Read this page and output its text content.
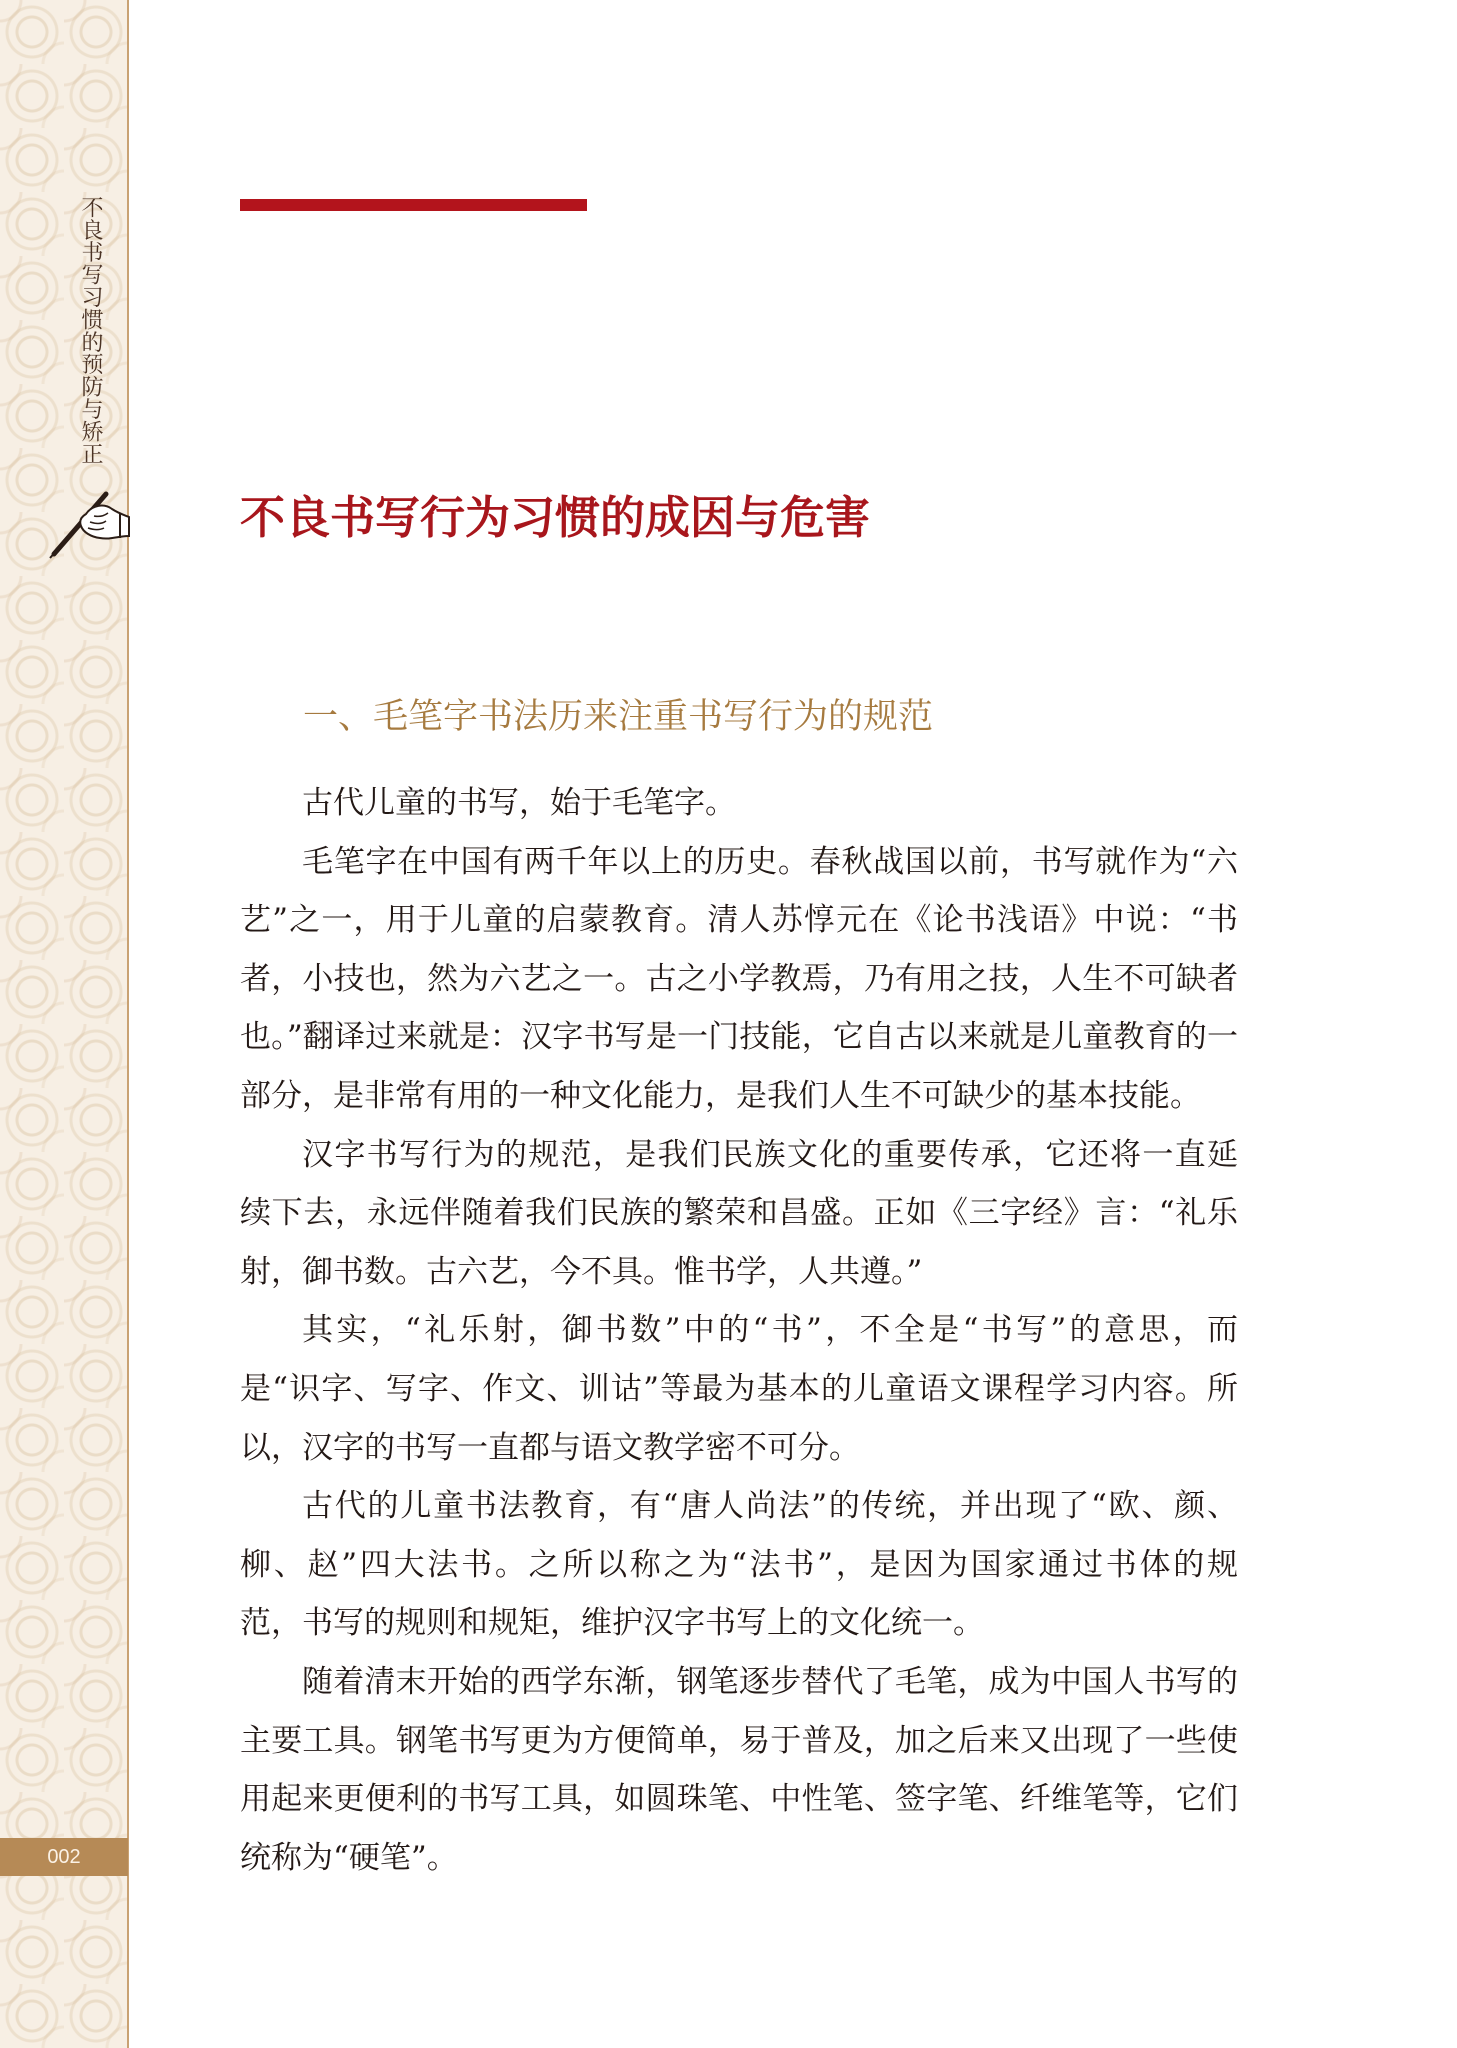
不良书写习惯的预防与矫正
002
不良书写行为习惯的成因与危害
一、毛笔字书法历来注重书写行为的规范
古代儿童的书写，始于毛笔字。
毛笔字在中国有两千年以上的历史。春秋战国以前，书写就作为“六
艺”之一，用于儿童的启蒙教育。清人苏惇元在《论书浅语》中说：“书
者，小技也，然为六艺之一。古之小学教焉，乃有用之技，人生不可缺者
也。”翻译过来就是：汉字书写是一门技能，它自古以来就是儿童教育的一
部分，是非常有用的一种文化能力，是我们人生不可缺少的基本技能。
汉字书写行为的规范，是我们民族文化的重要传承，它还将一直延
续下去，永远伴随着我们民族的繁荣和昌盛。正如《三字经》言：“礼乐
射，御书数。古六艺，今不具。惟书学，人共遵。”
其实，“礼乐射，御书数”中的“书”，不全是“书写”的意思，而
是“识字、写字、作文、训诂”等最为基本的儿童语文课程学习内容。所
以，汉字的书写一直都与语文教学密不可分。
古代的儿童书法教育，有“唐人尚法”的传统，并出现了“欧、颜、
柳、赵”四大法书。之所以称之为“法书”，是因为国家通过书体的规
范，书写的规则和规矩，维护汉字书写上的文化统一。
随着清末开始的西学东渐，钢笔逐步替代了毛笔，成为中国人书写的
主要工具。钢笔书写更为方便简单，易于普及，加之后来又出现了一些使
用起来更便利的书写工具，如圆珠笔、中性笔、签字笔、纤维笔等，它们
统称为“硬笔”。
